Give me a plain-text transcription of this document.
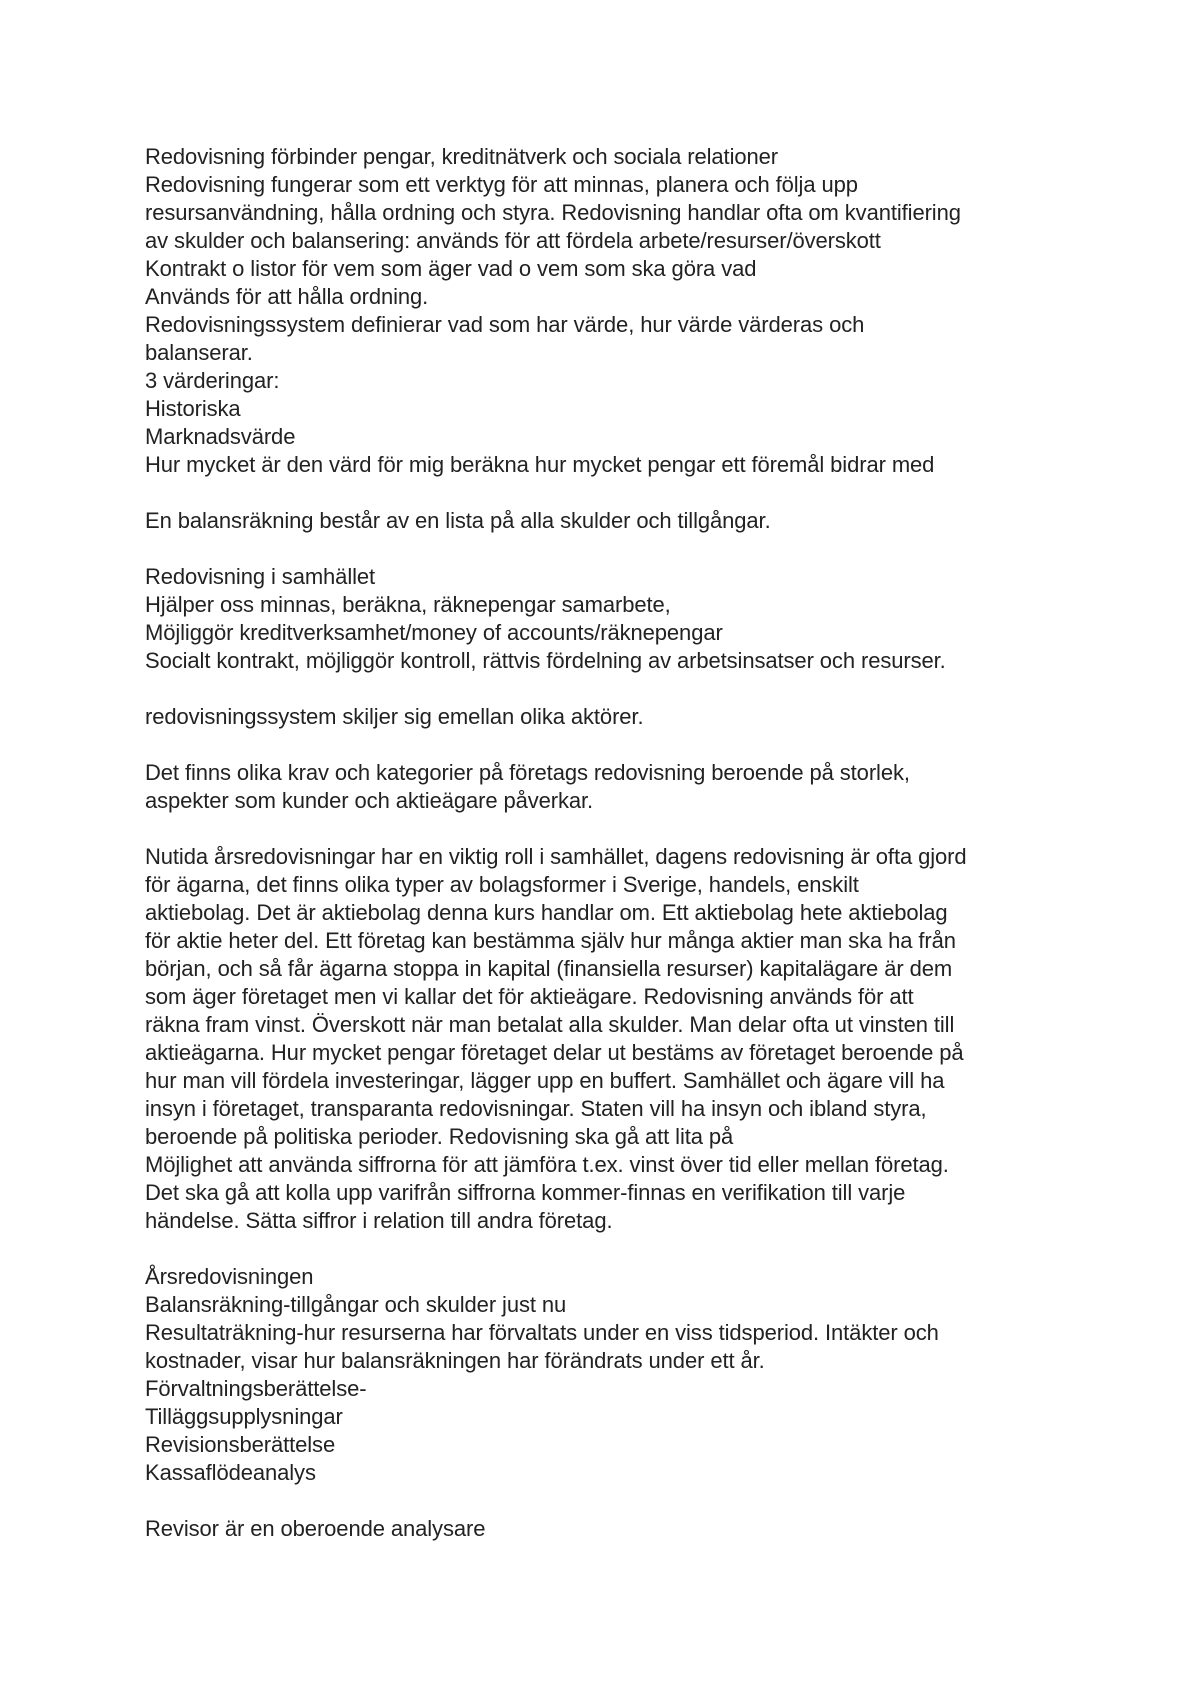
Redovisning förbinder pengar, kreditnätverk och sociala relationer

Redovisning fungerar som ett verktyg för att minnas, planera och följa upp

resursanvändning, hålla ordning och styra. Redovisning handlar ofta om kvantifiering

av skulder och balansering: används för att fördela arbete/resurser/överskott

Kontrakt o listor för vem som äger vad o vem som ska göra vad

Används för att hålla ordning.

Redovisningssystem definierar vad som har värde, hur värde värderas och

balanserar.

3 värderingar:

Historiska

Marknadsvärde

Hur mycket är den värd för mig beräkna hur mycket pengar ett föremål bidrar med

En balansräkning består av en lista på alla skulder och tillgångar.

Redovisning i samhället

Hjälper oss minnas, beräkna, räknepengar samarbete,

Möjliggör kreditverksamhet/money of accounts/räknepengar

Socialt kontrakt, möjliggör kontroll, rättvis fördelning av arbetsinsatser och resurser.

redovisningssystem skiljer sig emellan olika aktörer.

Det finns olika krav och kategorier på företags redovisning beroende på storlek,

aspekter som kunder och aktieägare påverkar.

Nutida årsredovisningar har en viktig roll i samhället, dagens redovisning är ofta gjord

för ägarna, det finns olika typer av bolagsformer i Sverige, handels, enskilt

aktiebolag. Det är aktiebolag denna kurs handlar om. Ett aktiebolag hete aktiebolag

för aktie heter del. Ett företag kan bestämma själv hur många aktier man ska ha från

början, och så får ägarna stoppa in kapital (finansiella resurser) kapitalägare är dem

som äger företaget men vi kallar det för aktieägare. Redovisning används för att

räkna fram vinst. Överskott när man betalat alla skulder. Man delar ofta ut vinsten till

aktieägarna. Hur mycket pengar företaget delar ut bestäms av företaget beroende på

hur man vill fördela investeringar, lägger upp en buffert. Samhället och ägare vill ha

insyn i företaget, transparanta redovisningar. Staten vill ha insyn och ibland styra,

beroende på politiska perioder. Redovisning ska gå att lita på

Möjlighet att använda siffrorna för att jämföra t.ex. vinst över tid eller mellan företag.

Det ska gå att kolla upp varifrån siffrorna kommer-finnas en verifikation till varje

händelse. Sätta siffror i relation till andra företag.

Årsredovisningen

Balansräkning-tillgångar och skulder just nu

Resultaträkning-hur resurserna har förvaltats under en viss tidsperiod. Intäkter och

kostnader, visar hur balansräkningen har förändrats under ett år.

Förvaltningsberättelse-

Tilläggsupplysningar

Revisionsberättelse

Kassaflödeanalys

Revisor är en oberoende analysare
